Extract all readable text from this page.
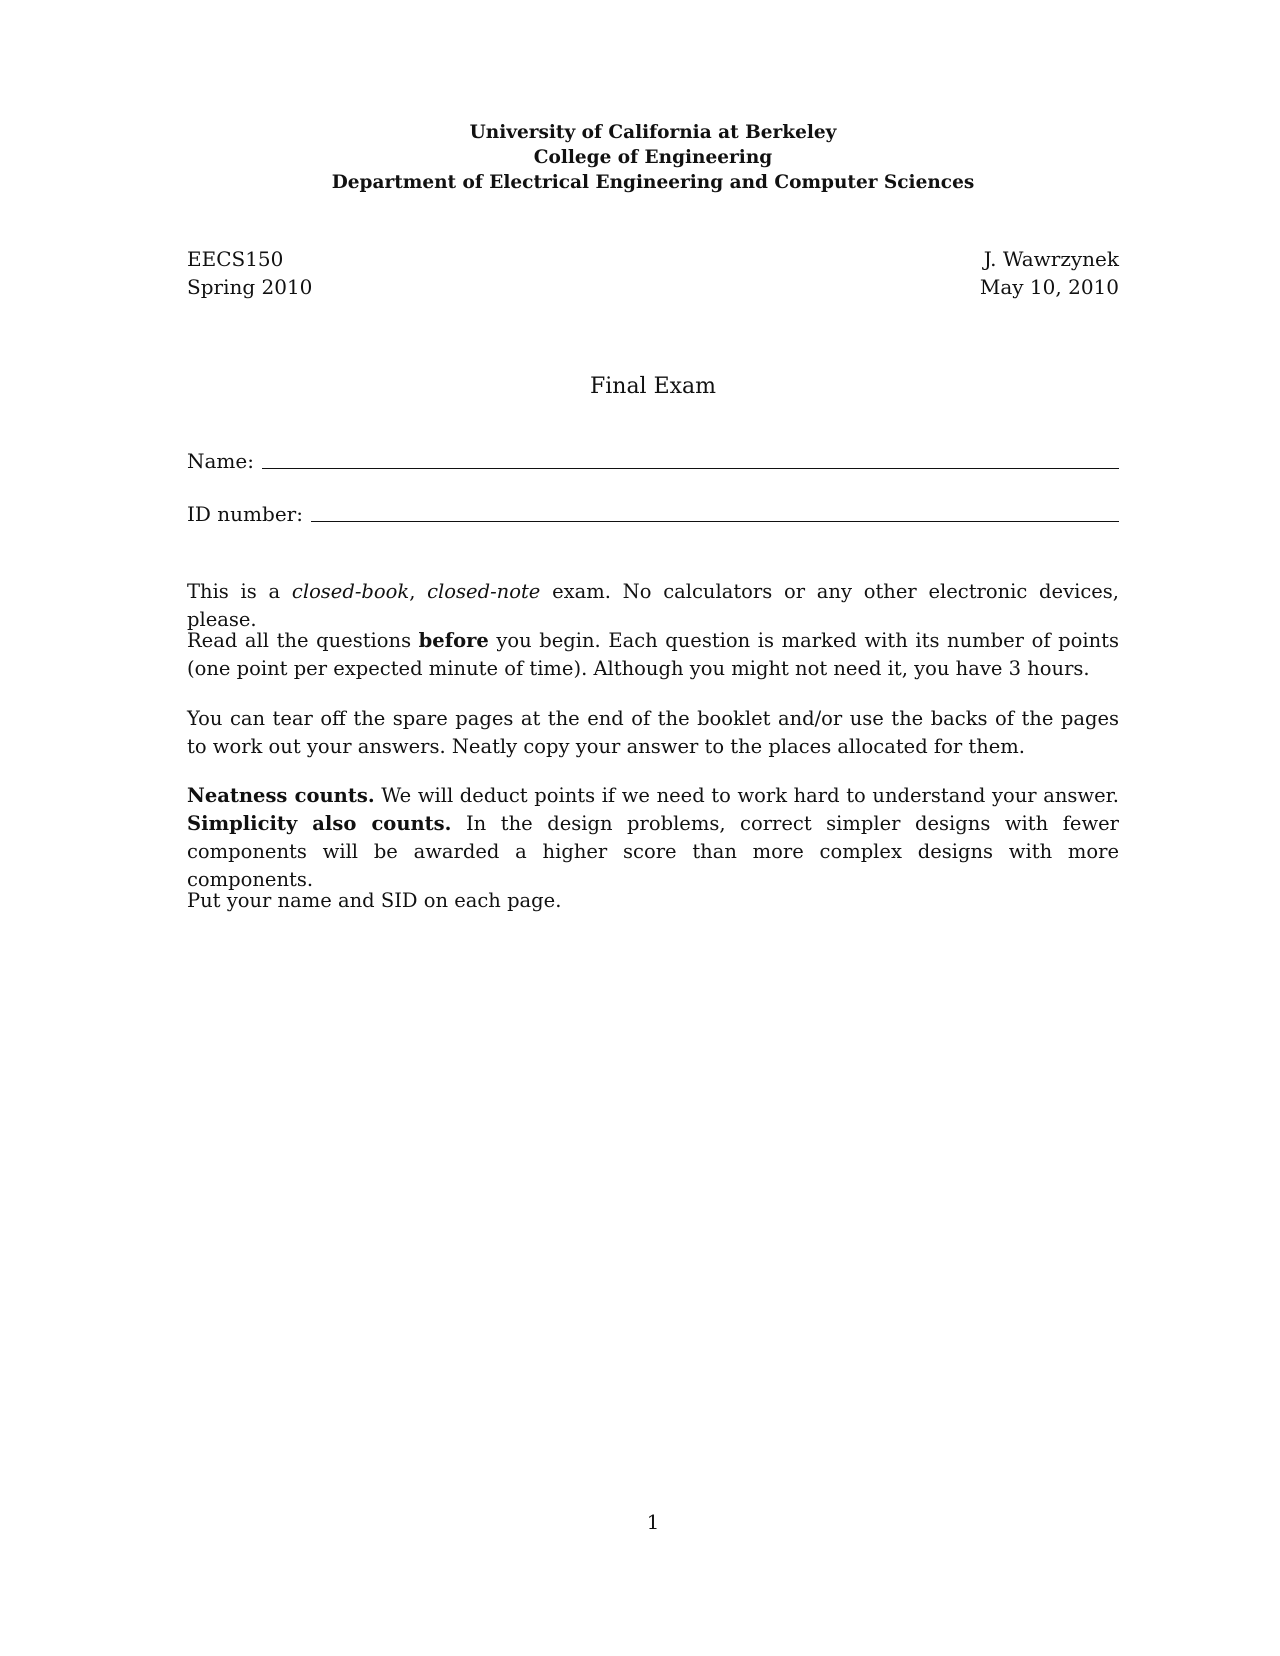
University of California at Berkeley
College of Engineering
Department of Electrical Engineering and Computer Sciences
EECS150
Spring 2010
J. Wawrzynek
May 10, 2010
Final Exam
Name:
ID number:

This is a closed-book, closed-note exam. No calculators or any other electronic devices, please.

Read all the questions before you begin. Each question is marked with its number of points (one point per expected minute of time). Although you might not need it, you have 3 hours.

You can tear off the spare pages at the end of the booklet and/or use the backs of the pages to work out your answers. Neatly copy your answer to the places allocated for them.

Neatness counts. We will deduct points if we need to work hard to understand your answer. Simplicity also counts. In the design problems, correct simpler designs with fewer components will be awarded a higher score than more complex designs with more components.

Put your name and SID on each page.

1
